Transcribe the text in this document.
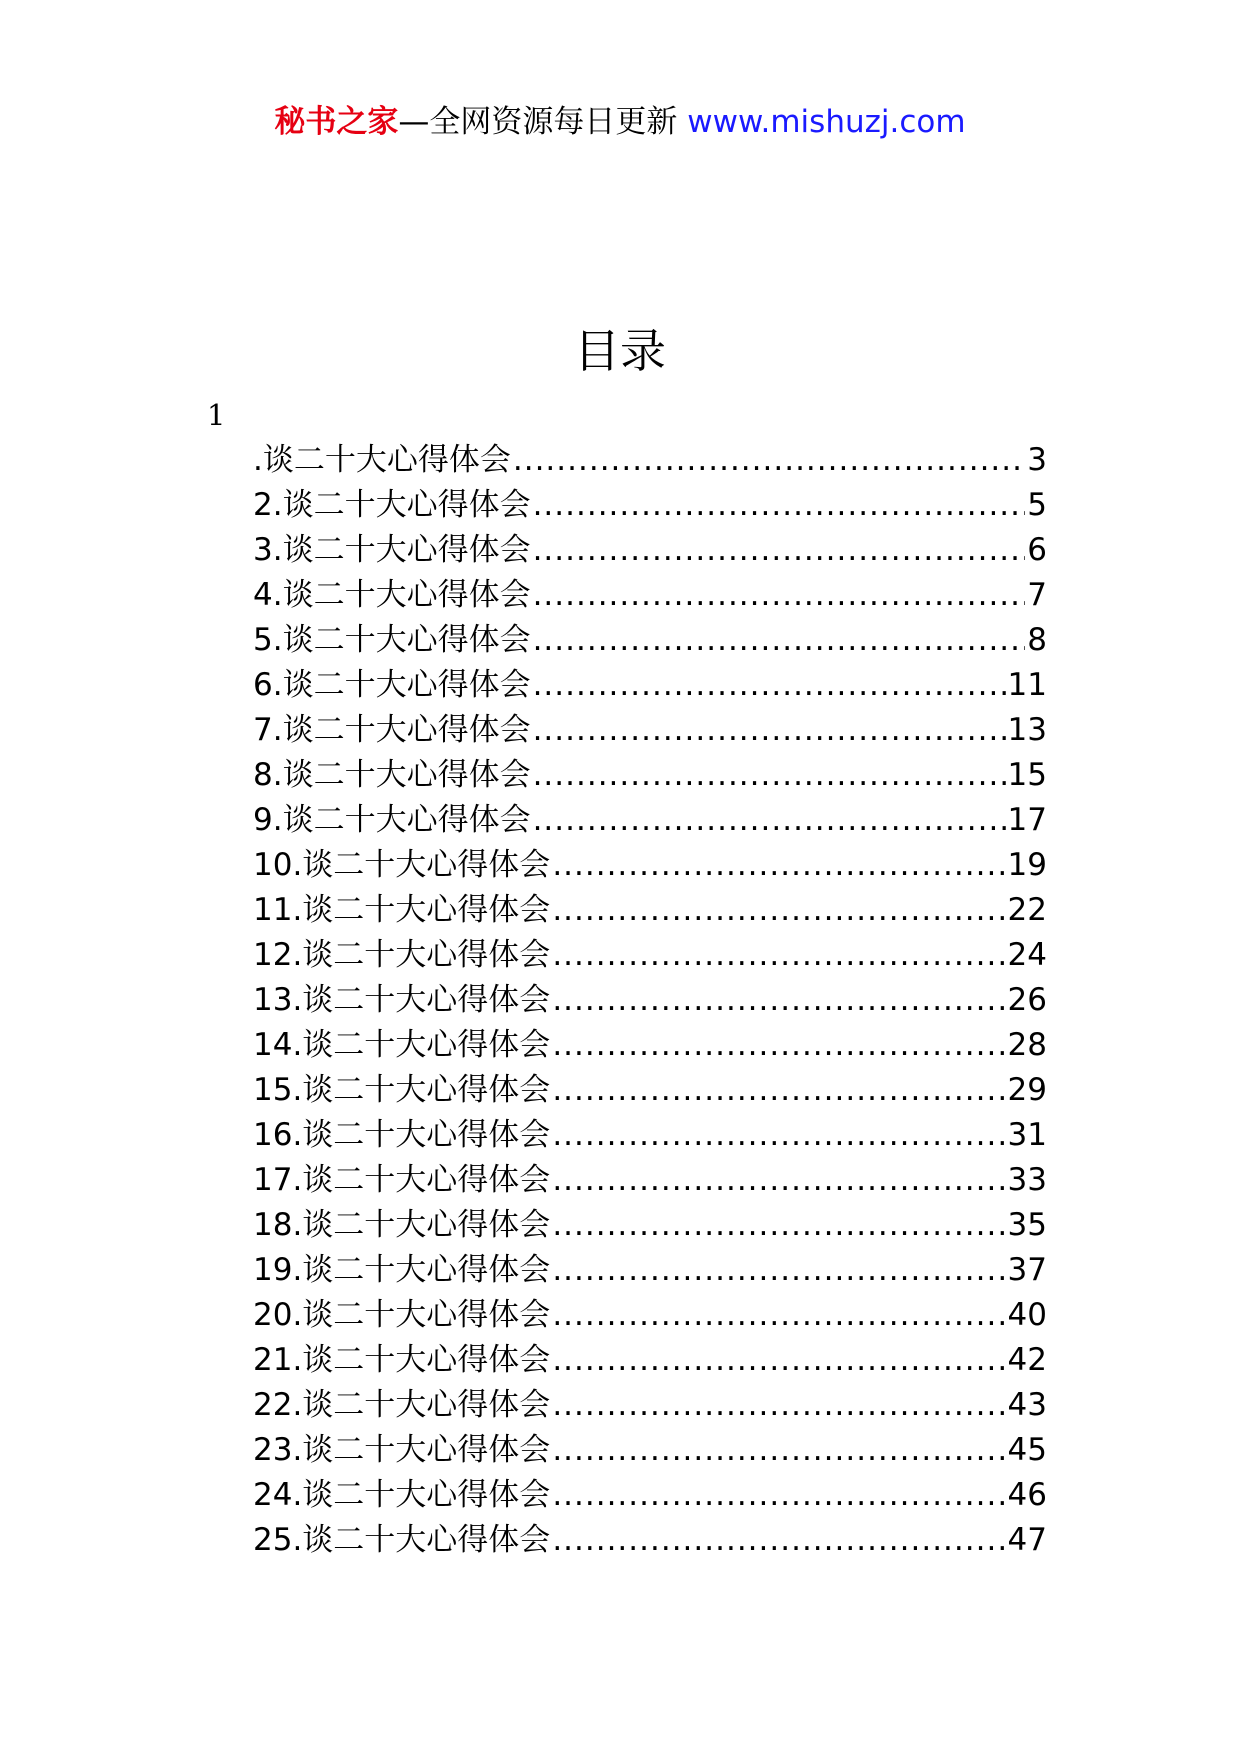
秘书之家—全网资源每日更新 www.mishuzj.com
目录
1
.谈二十大心得体会 .....	3
2.谈二十大心得体会 .....	5
3.谈二十大心得体会 .....	6
4.谈二十大心得体会 .....	7
5.谈二十大心得体会 .....	8
6.谈二十大心得体会 .....	11
7.谈二十大心得体会 .....	13
8.谈二十大心得体会 .....	15
9.谈二十大心得体会 .....	17
10.谈二十大心得体会 .....	19
11.谈二十大心得体会 .....	22
12.谈二十大心得体会 .....	24
13.谈二十大心得体会 .....	26
14.谈二十大心得体会 .....	28
15.谈二十大心得体会 .....	29
16.谈二十大心得体会 .....	31
17.谈二十大心得体会 .....	33
18.谈二十大心得体会 .....	35
19.谈二十大心得体会 .....	37
20.谈二十大心得体会 .....	40
21.谈二十大心得体会 .....	42
22.谈二十大心得体会 .....	43
23.谈二十大心得体会 .....	45
24.谈二十大心得体会 .....	46
25.谈二十大心得体会 .....	47
